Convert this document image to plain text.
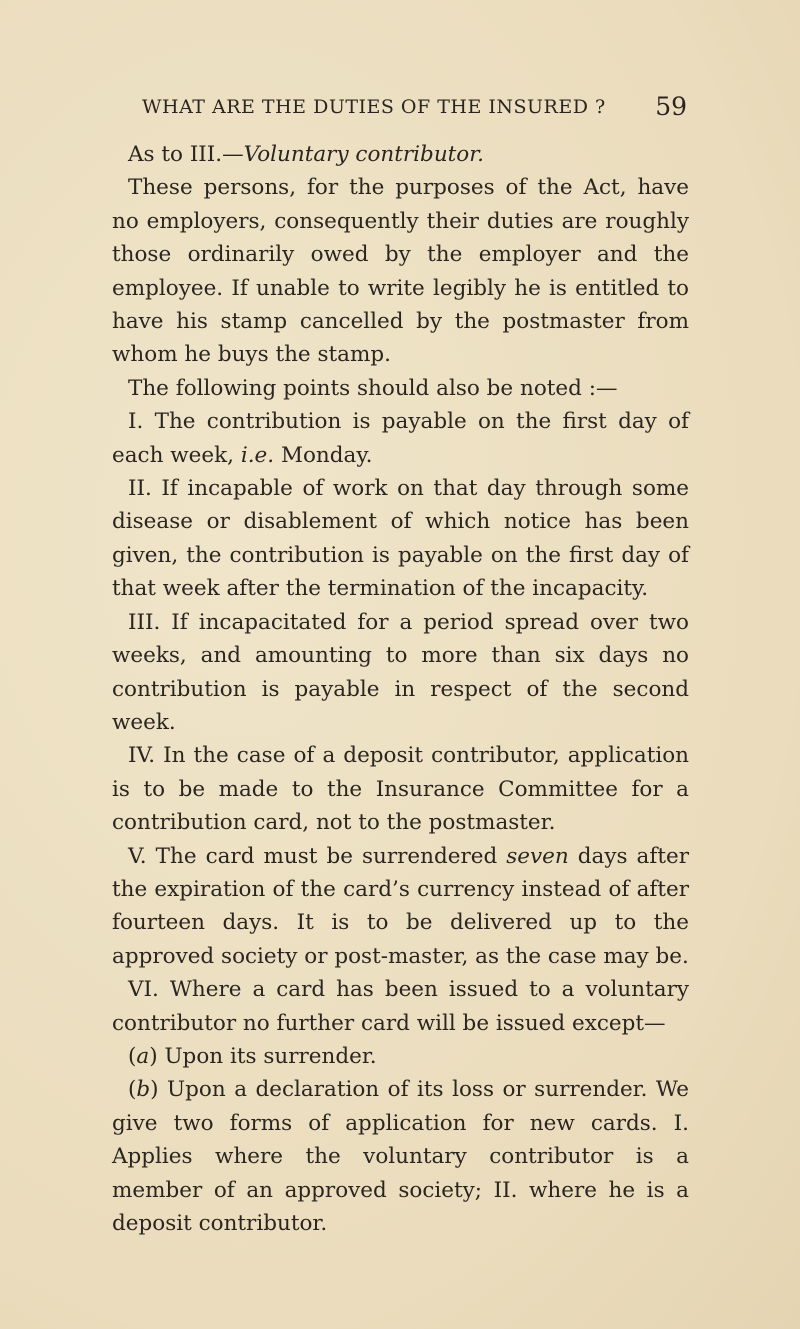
WHAT ARE THE DUTIES OF THE INSURED ? 59

As to III.—Voluntary contributor.

These persons, for the purposes of the Act, have no employers, consequently their duties are roughly those ordinarily owed by the employer and the employee. If unable to write legibly he is entitled to have his stamp cancelled by the postmaster from whom he buys the stamp.

The following points should also be noted :—

I. The contribution is payable on the first day of each week, i.e. Monday.

II. If incapable of work on that day through some disease or disablement of which notice has been given, the contribution is payable on the first day of that week after the termination of the incapacity.

III. If incapacitated for a period spread over two weeks, and amounting to more than six days no contribution is payable in respect of the second week.

IV. In the case of a deposit contributor, application is to be made to the Insurance Committee for a contribution card, not to the postmaster.

V. The card must be surrendered seven days after the expiration of the card’s currency instead of after fourteen days. It is to be delivered up to the approved society or post-master, as the case may be.

VI. Where a card has been issued to a voluntary contributor no further card will be issued except—

(a) Upon its surrender.

(b) Upon a declaration of its loss or surrender. We give two forms of application for new cards. I. Applies where the voluntary contributor is a member of an approved society; II. where he is a deposit contributor.
